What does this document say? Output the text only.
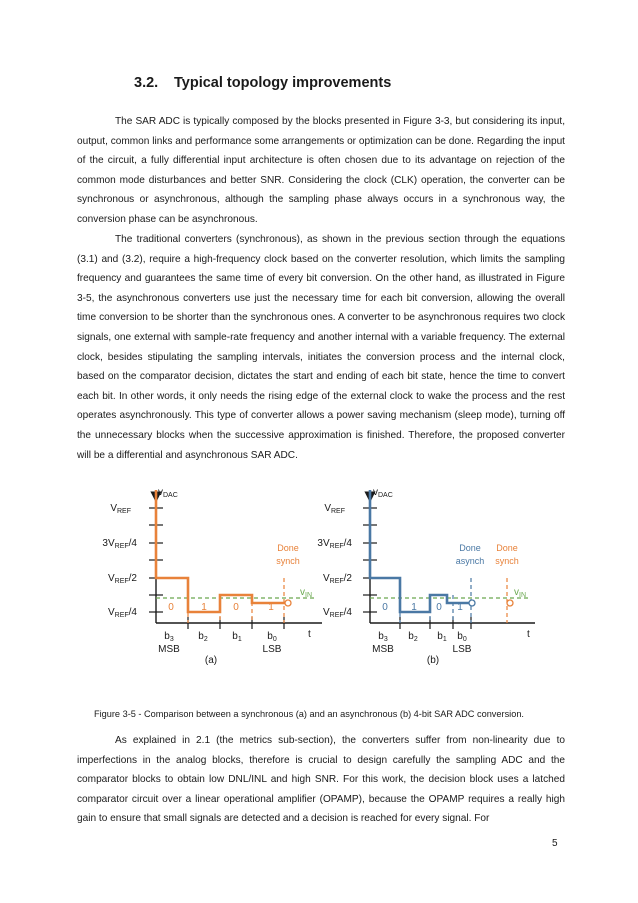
3.2. Typical topology improvements

The SAR ADC is typically composed by the blocks presented in Figure 3-3, but considering its input, output, common links and performance some arrangements or optimization can be done. Regarding the input of the circuit, a fully differential input architecture is often chosen due to its advantage on rejection of the common mode disturbances and better SNR. Considering the clock (CLK) operation, the converter can be synchronous or asynchronous, although the sampling phase always occurs in a synchronous way, the conversion phase can be asynchronous.

The traditional converters (synchronous), as shown in the previous section through the equations (3.1) and (3.2), require a high-frequency clock based on the converter resolution, which limits the sampling frequency and guarantees the same time of every bit conversion. On the other hand, as illustrated in Figure 3-5, the asynchronous converters use just the necessary time for each bit conversion, allowing the overall time conversion to be shorter than the synchronous ones. A converter to be asynchronous requires two clock signals, one external with sample-rate frequency and another internal with a variable frequency. The external clock, besides stipulating the sampling intervals, initiates the conversion process and the internal clock, based on the comparator decision, dictates the start and ending of each bit state, hence the time to convert each bit. In other words, it only needs the rising edge of the external clock to wake the process and the rest operates asynchronously. This type of converter allows a power saving mechanism (sleep mode), turning off the unnecessary blocks when the successive approximation is finished. Therefore, the proposed converter will be a differential and asynchronous SAR ADC.

$v_{DAC}$
$V_{REF}$
$3V_{REF}/4$
$V_{REF}/2$
$V_{REF}/4$
Done
synch
$v_{IN}$
0	1	0	1
$b_3$
MSB
$b_2$ $b_1$	$b_0$
LSB
t
(a)
$v_{DAC}$
$V_{REF}$
$3V_{REF}/4$
$V_{REF}/2$
$V_{REF}/4$
Done
asynch
Done
synch
$v_{IN}$
0 1 0 1
$b_3$
MSB
$b_2$ $b_1$ $b_0$
LSB
t
(b)
Figure 3-5 - Comparison between a synchronous (a) and an asynchronous (b) 4-bit SAR ADC conversion.

As explained in 2.1 (the metrics sub-section), the converters suffer from non-linearity due to imperfections in the analog blocks, therefore is crucial to design carefully the sampling ADC and the comparator blocks to obtain low DNL/INL and high SNR. For this work, the decision block uses a latched comparator circuit over a linear operational amplifier (OPAMP), because the OPAMP requires a really high gain to ensure that small signals are detected and a decision is reached for every signal. For

5
